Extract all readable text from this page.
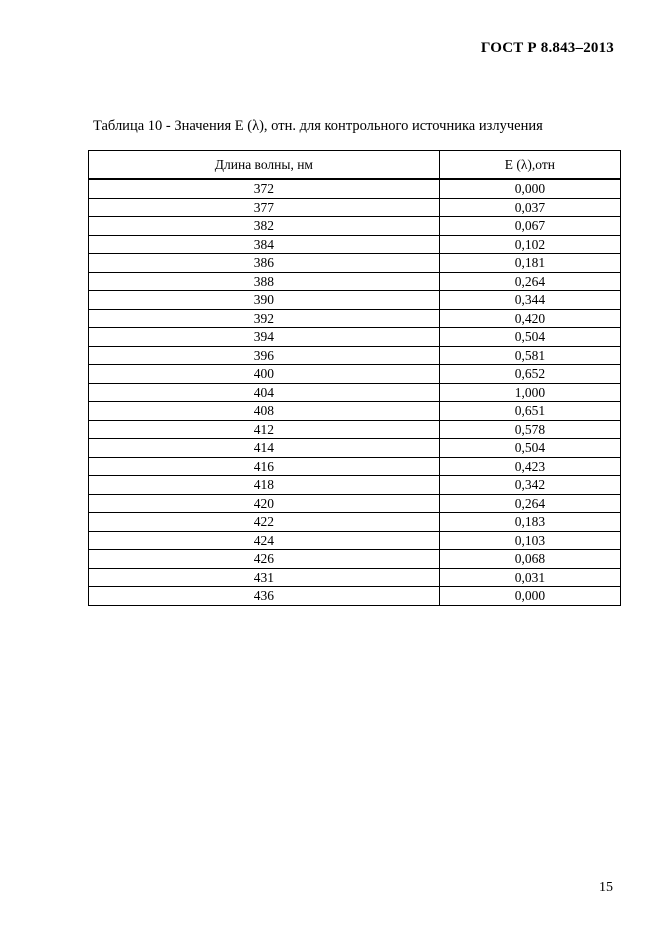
ГОСТ Р 8.843–2013
Таблица 10 - Значения E (λ), отн. для контрольного источника излучения
Длина волны, нм	E (λ),отн
372	0,000
377	0,037
382	0,067
384	0,102
386	0,181
388	0,264
390	0,344
392	0,420
394	0,504
396	0,581
400	0,652
404	1,000
408	0,651
412	0,578
414	0,504
416	0,423
418	0,342
420	0,264
422	0,183
424	0,103
426	0,068
431	0,031
436	0,000
15
